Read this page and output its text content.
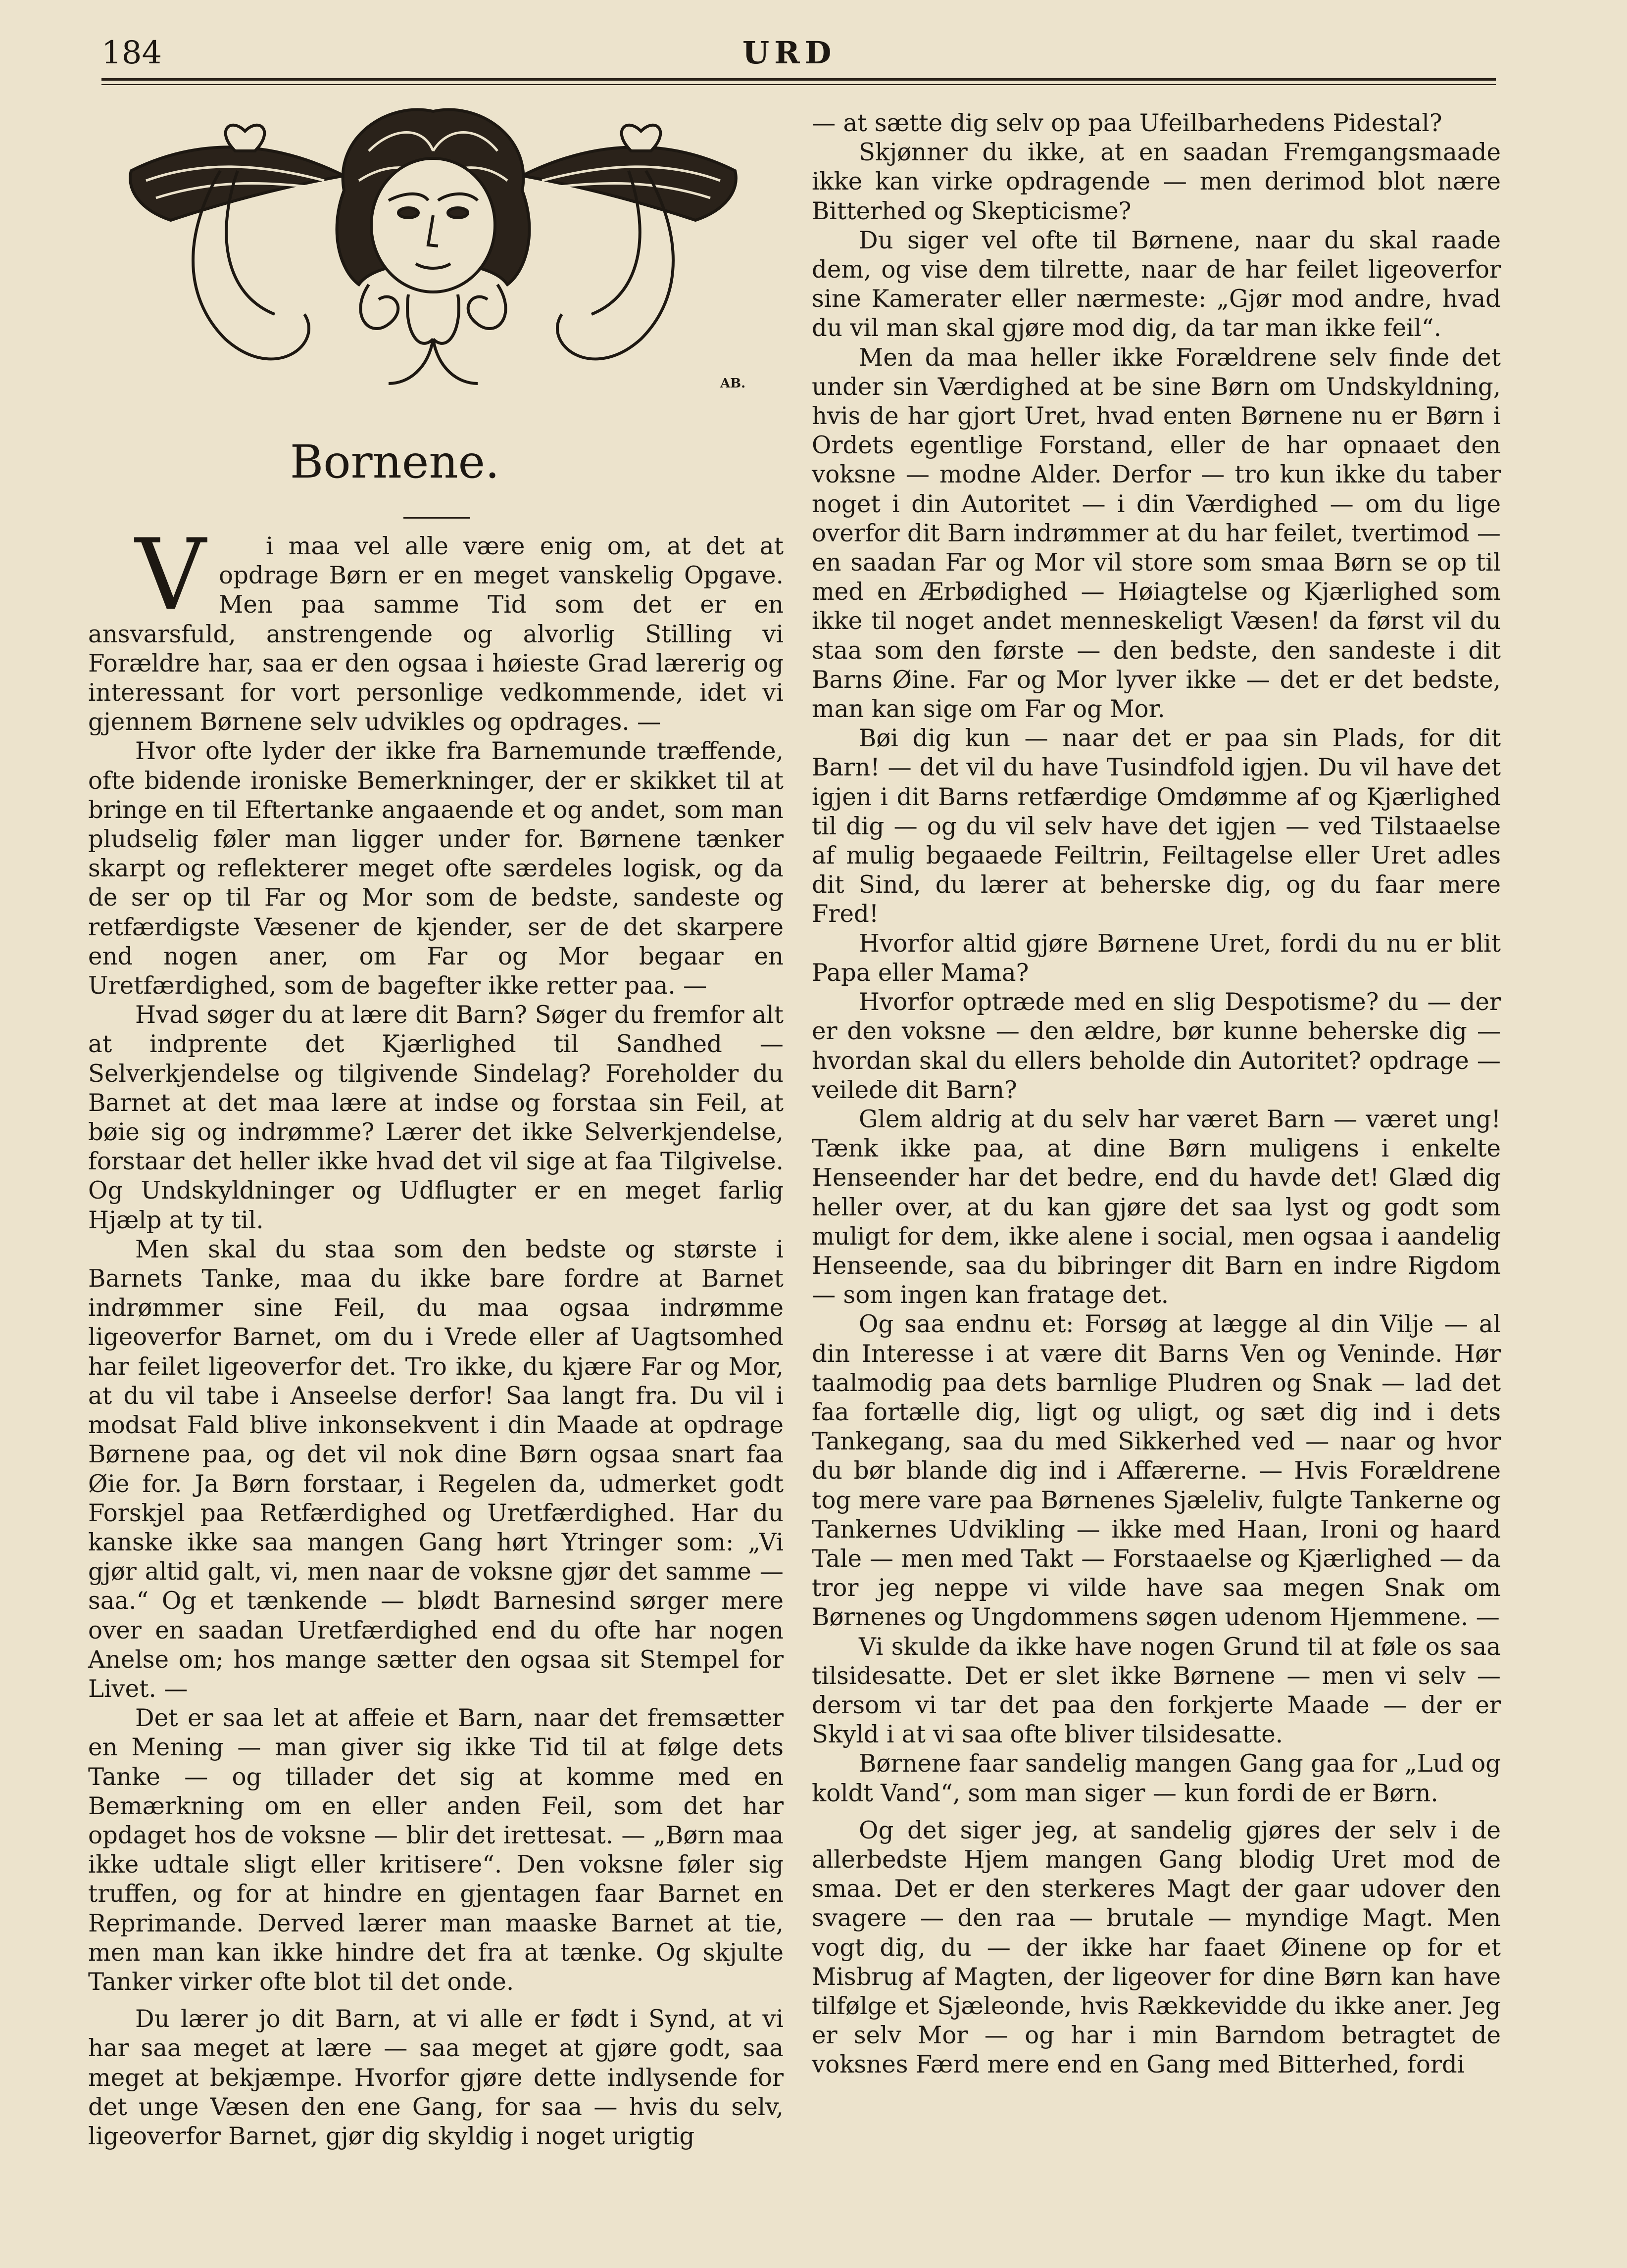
184	URD
AB.
Bornene.

V	i maa vel alle være enig om, at det at opdrage Børn er en meget vanskelig Opgave. Men paa samme Tid som det er en ansvarsfuld, anstrengende og alvorlig Stilling vi Forældre har, saa er den ogsaa i høieste Grad lærerig og interessant for vort personlige vedkommende, idet vi gjennem Børnene selv udvikles og opdrages. —

Hvor ofte lyder der ikke fra Barnemunde træffende, ofte bidende ironiske Bemerkninger, der er skikket til at bringe en til Eftertanke angaaende et og andet, som man pludselig føler man ligger under for. Børnene tænker skarpt og reflekterer meget ofte særdeles logisk, og da de ser op til Far og Mor som de bedste, sandeste og retfærdigste Væsener de kjender, ser de det skarpere end nogen aner, om Far og Mor begaar en Uretfærdighed, som de bagefter ikke retter paa. —

Hvad søger du at lære dit Barn? Søger du fremfor alt at indprente det Kjærlighed til Sandhed — Selverkjendelse og tilgivende Sindelag? Foreholder du Barnet at det maa lære at indse og forstaa sin Feil, at bøie sig og indrømme? Lærer det ikke Selverkjendelse, forstaar det heller ikke hvad det vil sige at faa Tilgivelse. Og Undskyldninger og Udflugter er en meget farlig Hjælp at ty til.

Men skal du staa som den bedste og største i Barnets Tanke, maa du ikke bare fordre at Barnet indrømmer sine Feil, du maa ogsaa indrømme ligeoverfor Barnet, om du i Vrede eller af Uagtsomhed har feilet ligeoverfor det. Tro ikke, du kjære Far og Mor, at du vil tabe i Anseelse derfor! Saa langt fra. Du vil i modsat Fald blive inkonsekvent i din Maade at opdrage Børnene paa, og det vil nok dine Børn ogsaa snart faa Øie for. Ja Børn forstaar, i Regelen da, udmerket godt Forskjel paa Retfærdighed og Uretfærdighed. Har du kanske ikke saa mangen Gang hørt Ytringer som: „Vi gjør altid galt, vi, men naar de voksne gjør det samme — saa.“ Og et tænkende — blødt Barnesind sørger mere over en saadan Uretfærdighed end du ofte har nogen Anelse om; hos mange sætter den ogsaa sit Stempel for Livet. —

Det er saa let at affeie et Barn, naar det fremsætter en Mening — man giver sig ikke Tid til at følge dets Tanke — og tillader det sig at komme med en Bemærkning om en eller anden Feil, som det har opdaget hos de voksne — blir det irettesat. — „Børn maa ikke udtale sligt eller kritisere“. Den voksne føler sig truffen, og for at hindre en gjentagen faar Barnet en Reprimande. Derved lærer man maaske Barnet at tie, men man kan ikke hindre det fra at tænke. Og skjulte Tanker virker ofte blot til det onde.

Du lærer jo dit Barn, at vi alle er født i Synd, at vi har saa meget at lære — saa meget at gjøre godt, saa meget at bekjæmpe. Hvorfor gjøre dette indlysende for det unge Væsen den ene Gang, for saa — hvis du selv, ligeoverfor Barnet, gjør dig skyldig i noget urigtig

— at sætte dig selv op paa Ufeilbarhedens Pidestal?

Skjønner du ikke, at en saadan Fremgangsmaade ikke kan virke opdragende — men derimod blot nære Bitterhed og Skepticisme?

Du siger vel ofte til Børnene, naar du skal raade dem, og vise dem tilrette, naar de har feilet ligeoverfor sine Kamerater eller nærmeste: „Gjør mod andre, hvad du vil man skal gjøre mod dig, da tar man ikke feil“.

Men da maa heller ikke Forældrene selv finde det under sin Værdighed at be sine Børn om Undskyldning, hvis de har gjort Uret, hvad enten Børnene nu er Børn i Ordets egentlige Forstand, eller de har opnaaet den voksne — modne Alder. Derfor — tro kun ikke du taber noget i din Autoritet — i din Værdighed — om du lige overfor dit Barn indrømmer at du har feilet, tvertimod — en saadan Far og Mor vil store som smaa Børn se op til med en Ærbødighed — Høiagtelse og Kjærlighed som ikke til noget andet menneskeligt Væsen! da først vil du staa som den første — den bedste, den sandeste i dit Barns Øine. Far og Mor lyver ikke — det er det bedste, man kan sige om Far og Mor.

Bøi dig kun — naar det er paa sin Plads, for dit Barn! — det vil du have Tusindfold igjen. Du vil have det igjen i dit Barns retfærdige Omdømme af og Kjærlighed til dig — og du vil selv have det igjen — ved Tilstaaelse af mulig begaaede Feiltrin, Feiltagelse eller Uret adles dit Sind, du lærer at beherske dig, og du faar mere Fred!

Hvorfor altid gjøre Børnene Uret, fordi du nu er blit Papa eller Mama?

Hvorfor optræde med en slig Despotisme? du — der er den voksne — den ældre, bør kunne beherske dig — hvordan skal du ellers beholde din Autoritet? opdrage — veilede dit Barn?

Glem aldrig at du selv har været Barn — været ung! Tænk ikke paa, at dine Børn muligens i enkelte Henseender har det bedre, end du havde det! Glæd dig heller over, at du kan gjøre det saa lyst og godt som muligt for dem, ikke alene i social, men ogsaa i aandelig Henseende, saa du bibringer dit Barn en indre Rigdom — som ingen kan fratage det.

Og saa endnu et: Forsøg at lægge al din Vilje — al din Interesse i at være dit Barns Ven og Veninde. Hør taalmodig paa dets barnlige Pludren og Snak — lad det faa fortælle dig, ligt og uligt, og sæt dig ind i dets Tankegang, saa du med Sikkerhed ved — naar og hvor du bør blande dig ind i Affærerne. — Hvis Forældrene tog mere vare paa Børnenes Sjæleliv, fulgte Tankerne og Tankernes Udvikling — ikke med Haan, Ironi og haard Tale — men med Takt — Forstaaelse og Kjærlighed — da tror jeg neppe vi vilde have saa megen Snak om Børnenes og Ungdommens søgen udenom Hjemmene. —

Vi skulde da ikke have nogen Grund til at føle os saa tilsidesatte. Det er slet ikke Børnene — men vi selv — dersom vi tar det paa den forkjerte Maade — der er Skyld i at vi saa ofte bliver tilsidesatte.

Børnene faar sandelig mangen Gang gaa for „Lud og koldt Vand“, som man siger — kun fordi de er Børn.

Og det siger jeg, at sandelig gjøres der selv i de allerbedste Hjem mangen Gang blodig Uret mod de smaa. Det er den sterkeres Magt der gaar udover den svagere — den raa — brutale — myndige Magt. Men vogt dig, du — der ikke har faaet Øinene op for et Misbrug af Magten, der ligeover for dine Børn kan have tilfølge et Sjæleonde, hvis Rækkevidde du ikke aner. Jeg er selv Mor — og har i min Barndom betragtet de voksnes Færd mere end en Gang med Bitterhed, fordi
